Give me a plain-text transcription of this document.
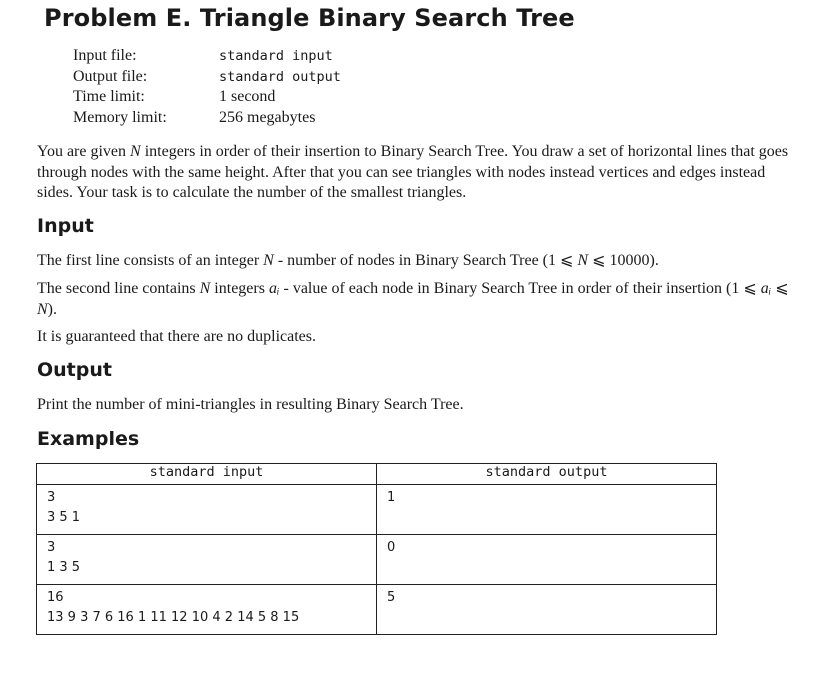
Problem E. Triangle Binary Search Tree
Input file:	standard input
Output file:	standard output
Time limit:	1 second
Memory limit:	256 megabytes

You are given N integers in order of their insertion to Binary Search Tree. You draw a set of horizontal lines that goes through nodes with the same height. After that you can see triangles with nodes instead vertices and edges instead sides. Your task is to calculate the number of the smallest triangles.

Input

The first line consists of an integer N - number of nodes in Binary Search Tree (1 ⩽ N ⩽ 10000).

The second line contains N integers aᵢ - value of each node in Binary Search Tree in order of their insertion (1 ⩽ aᵢ ⩽ N).

It is guaranteed that there are no duplicates.

Output

Print the number of mini-triangles in resulting Binary Search Tree.

Examples
standard input	standard output
3
3 5 1	1
3
1 3 5	0
16
13 9 3 7 6 16 1 11 12 10 4 2 14 5 8 15	5
